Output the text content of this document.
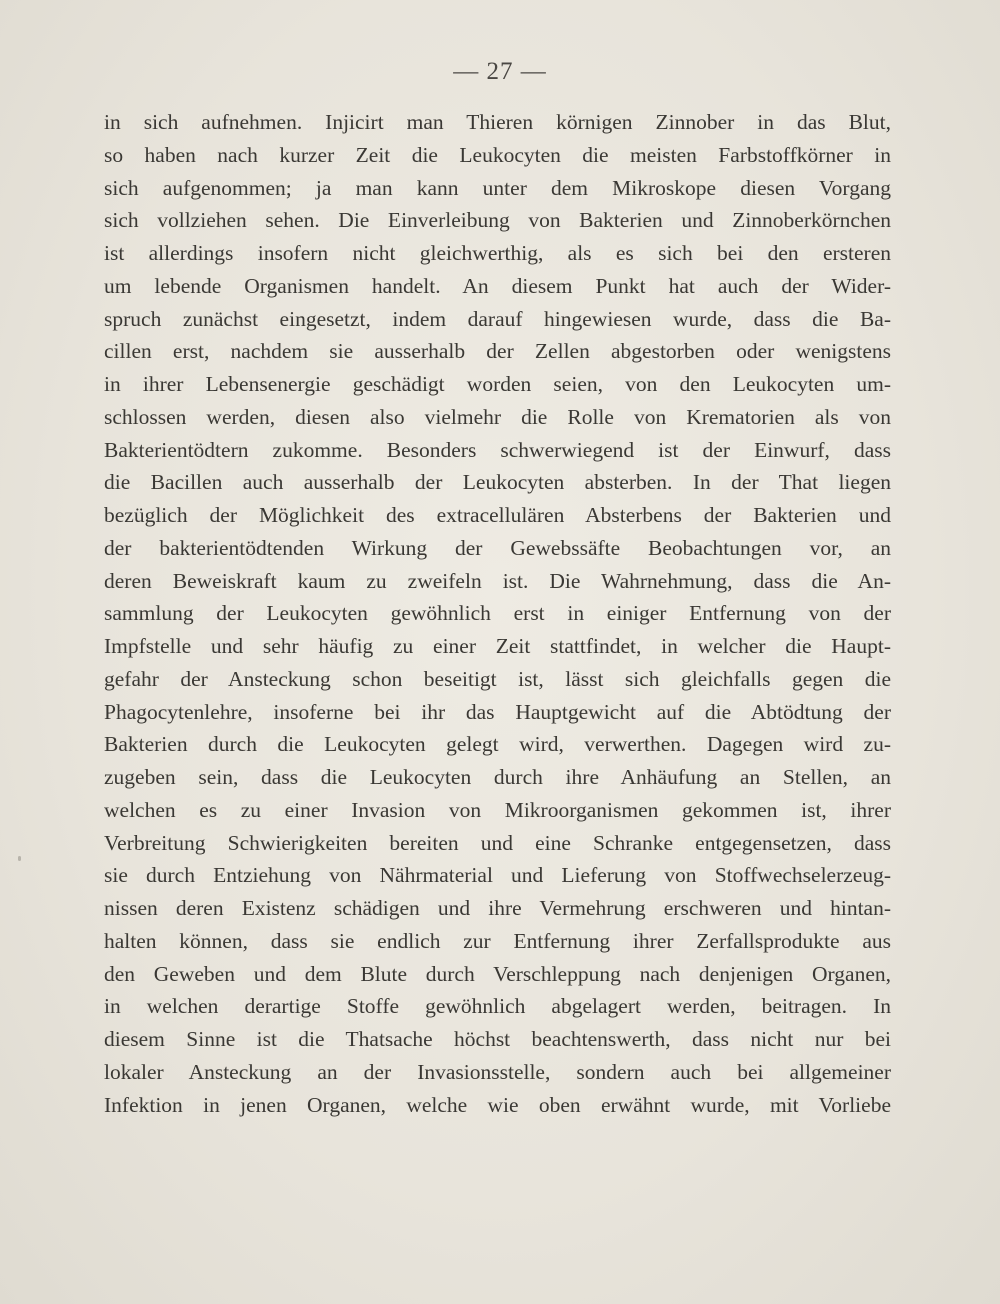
— 27 —
in sich aufnehmen. Injicirt man Thieren körnigen Zinnober in das Blut,
so haben nach kurzer Zeit die Leukocyten die meisten Farbstoffkörner in
sich aufgenommen; ja man kann unter dem Mikroskope diesen Vorgang
sich vollziehen sehen. Die Einverleibung von Bakterien und Zinnoberkörnchen
ist allerdings insofern nicht gleichwerthig, als es sich bei den ersteren
um lebende Organismen handelt. An diesem Punkt hat auch der Wider-
spruch zunächst eingesetzt, indem darauf hingewiesen wurde, dass die Ba-
cillen erst, nachdem sie ausserhalb der Zellen abgestorben oder wenigstens
in ihrer Lebensenergie geschädigt worden seien, von den Leukocyten um-
schlossen werden, diesen also vielmehr die Rolle von Krematorien als von
Bakterientödtern zukomme. Besonders schwerwiegend ist der Einwurf, dass
die Bacillen auch ausserhalb der Leukocyten absterben. In der That liegen
bezüglich der Möglichkeit des extracellulären Absterbens der Bakterien und
der bakterientödtenden Wirkung der Gewebssäfte Beobachtungen vor, an
deren Beweiskraft kaum zu zweifeln ist. Die Wahrnehmung, dass die An-
sammlung der Leukocyten gewöhnlich erst in einiger Entfernung von der
Impfstelle und sehr häufig zu einer Zeit stattfindet, in welcher die Haupt-
gefahr der Ansteckung schon beseitigt ist, lässt sich gleichfalls gegen die
Phagocytenlehre, insoferne bei ihr das Hauptgewicht auf die Abtödtung der
Bakterien durch die Leukocyten gelegt wird, verwerthen. Dagegen wird zu-
zugeben sein, dass die Leukocyten durch ihre Anhäufung an Stellen, an
welchen es zu einer Invasion von Mikroorganismen gekommen ist, ihrer
Verbreitung Schwierigkeiten bereiten und eine Schranke entgegensetzen, dass
sie durch Entziehung von Nährmaterial und Lieferung von Stoffwechselerzeug-
nissen deren Existenz schädigen und ihre Vermehrung erschweren und hintan-
halten können, dass sie endlich zur Entfernung ihrer Zerfallsprodukte aus
den Geweben und dem Blute durch Verschleppung nach denjenigen Organen,
in welchen derartige Stoffe gewöhnlich abgelagert werden, beitragen. In
diesem Sinne ist die Thatsache höchst beachtenswerth, dass nicht nur bei
lokaler Ansteckung an der Invasionsstelle, sondern auch bei allgemeiner
Infektion in jenen Organen, welche wie oben erwähnt wurde, mit Vorliebe
